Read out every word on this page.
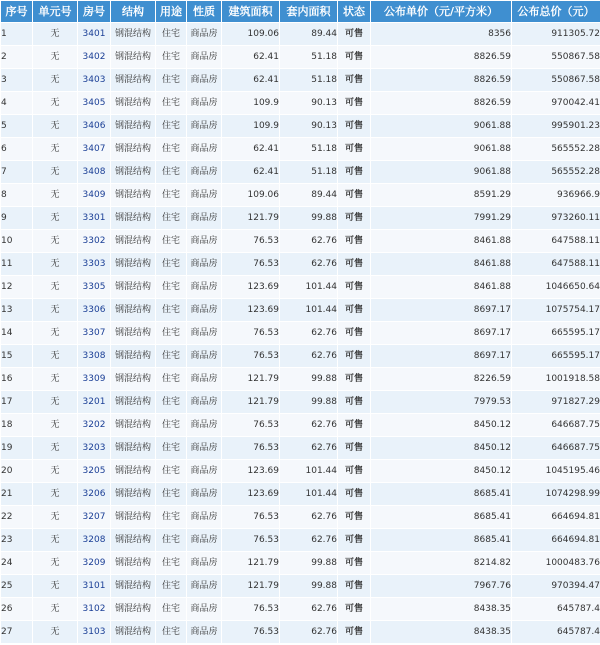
序号	单元号	房号	结构	用途	性质	建筑面积	套内面积	状态	公布单价（元/平方米）	公布总价（元）
1	无	3401	钢混结构	住宅	商品房	109.06	89.44	可售	8356	911305.72
2	无	3402	钢混结构	住宅	商品房	62.41	51.18	可售	8826.59	550867.58
3	无	3403	钢混结构	住宅	商品房	62.41	51.18	可售	8826.59	550867.58
4	无	3405	钢混结构	住宅	商品房	109.9	90.13	可售	8826.59	970042.41
5	无	3406	钢混结构	住宅	商品房	109.9	90.13	可售	9061.88	995901.23
6	无	3407	钢混结构	住宅	商品房	62.41	51.18	可售	9061.88	565552.28
7	无	3408	钢混结构	住宅	商品房	62.41	51.18	可售	9061.88	565552.28
8	无	3409	钢混结构	住宅	商品房	109.06	89.44	可售	8591.29	936966.9
9	无	3301	钢混结构	住宅	商品房	121.79	99.88	可售	7991.29	973260.11
10	无	3302	钢混结构	住宅	商品房	76.53	62.76	可售	8461.88	647588.11
11	无	3303	钢混结构	住宅	商品房	76.53	62.76	可售	8461.88	647588.11
12	无	3305	钢混结构	住宅	商品房	123.69	101.44	可售	8461.88	1046650.64
13	无	3306	钢混结构	住宅	商品房	123.69	101.44	可售	8697.17	1075754.17
14	无	3307	钢混结构	住宅	商品房	76.53	62.76	可售	8697.17	665595.17
15	无	3308	钢混结构	住宅	商品房	76.53	62.76	可售	8697.17	665595.17
16	无	3309	钢混结构	住宅	商品房	121.79	99.88	可售	8226.59	1001918.58
17	无	3201	钢混结构	住宅	商品房	121.79	99.88	可售	7979.53	971827.29
18	无	3202	钢混结构	住宅	商品房	76.53	62.76	可售	8450.12	646687.75
19	无	3203	钢混结构	住宅	商品房	76.53	62.76	可售	8450.12	646687.75
20	无	3205	钢混结构	住宅	商品房	123.69	101.44	可售	8450.12	1045195.46
21	无	3206	钢混结构	住宅	商品房	123.69	101.44	可售	8685.41	1074298.99
22	无	3207	钢混结构	住宅	商品房	76.53	62.76	可售	8685.41	664694.81
23	无	3208	钢混结构	住宅	商品房	76.53	62.76	可售	8685.41	664694.81
24	无	3209	钢混结构	住宅	商品房	121.79	99.88	可售	8214.82	1000483.76
25	无	3101	钢混结构	住宅	商品房	121.79	99.88	可售	7967.76	970394.47
26	无	3102	钢混结构	住宅	商品房	76.53	62.76	可售	8438.35	645787.4
27	无	3103	钢混结构	住宅	商品房	76.53	62.76	可售	8438.35	645787.4
